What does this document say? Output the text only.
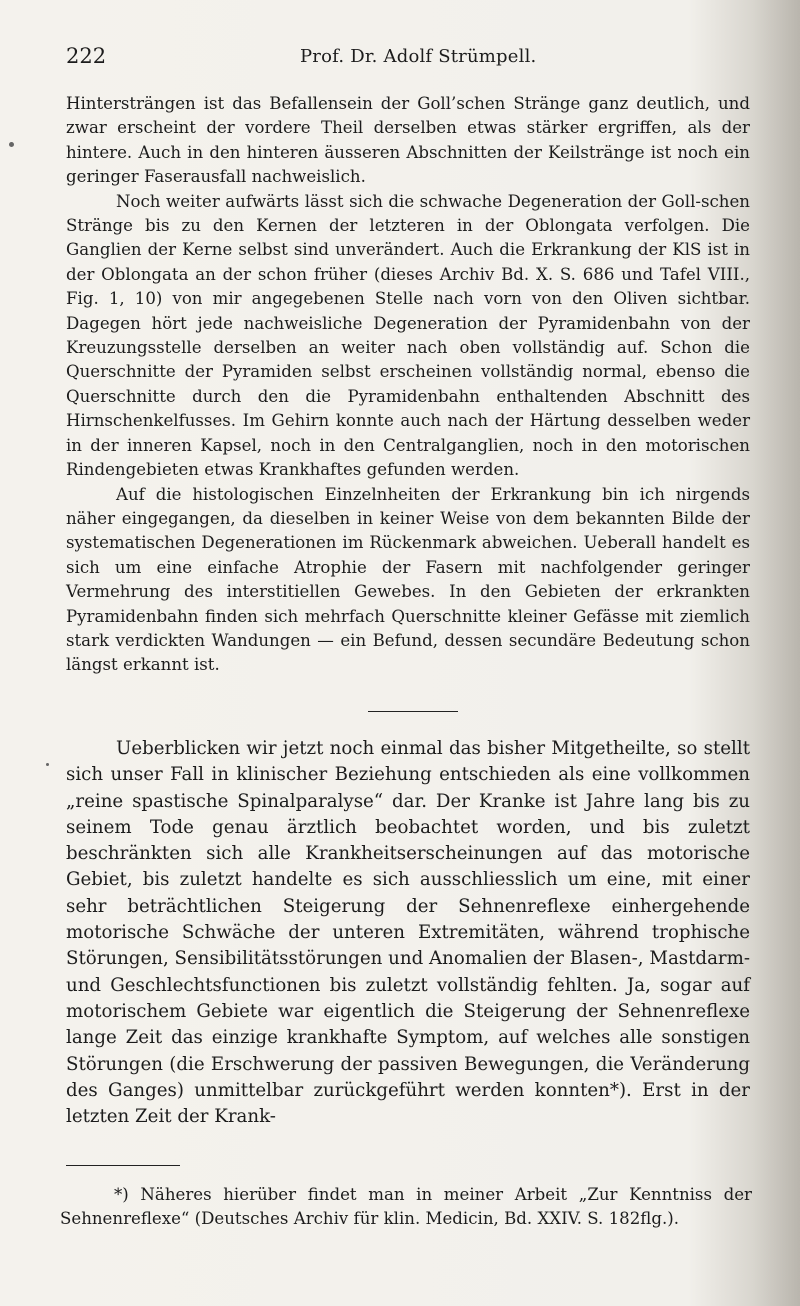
222	Prof. Dr. Adolf Strümpell.

Hintersträngen ist das Befallensein der Goll’schen Stränge ganz deutlich, und zwar erscheint der vordere Theil derselben etwas stärker ergriffen, als der hintere. Auch in den hinteren äusseren Abschnitten der Keilstränge ist noch ein geringer Faserausfall nachweislich.

Noch weiter aufwärts lässt sich die schwache Degeneration der Goll-schen Stränge bis zu den Kernen der letzteren in der Oblongata verfolgen. Die Ganglien der Kerne selbst sind unverändert. Auch die Erkrankung der KlS ist in der Oblongata an der schon früher (dieses Archiv Bd. X. S. 686 und Tafel VIII., Fig. 1, 10) von mir angegebenen Stelle nach vorn von den Oliven sichtbar. Dagegen hört jede nachweisliche Degeneration der Pyramidenbahn von der Kreuzungsstelle derselben an weiter nach oben vollständig auf. Schon die Querschnitte der Pyramiden selbst erscheinen vollständig normal, ebenso die Querschnitte durch den die Pyramidenbahn enthaltenden Abschnitt des Hirnschenkelfusses. Im Gehirn konnte auch nach der Härtung desselben weder in der inneren Kapsel, noch in den Centralganglien, noch in den motorischen Rindengebieten etwas Krankhaftes gefunden werden.

Auf die histologischen Einzelnheiten der Erkrankung bin ich nirgends näher eingegangen, da dieselben in keiner Weise von dem bekannten Bilde der systematischen Degenerationen im Rückenmark abweichen. Ueberall handelt es sich um eine einfache Atrophie der Fasern mit nachfolgender geringer Vermehrung des interstitiellen Gewebes. In den Gebieten der erkrankten Pyramidenbahn finden sich mehrfach Querschnitte kleiner Gefässe mit ziemlich stark verdickten Wandungen — ein Befund, dessen secundäre Bedeutung schon längst erkannt ist.

Ueberblicken wir jetzt noch einmal das bisher Mitgetheilte, so stellt sich unser Fall in klinischer Beziehung entschieden als eine vollkommen „reine spastische Spinalparalyse“ dar. Der Kranke ist Jahre lang bis zu seinem Tode genau ärztlich beobachtet worden, und bis zuletzt beschränkten sich alle Krankheitserscheinungen auf das motorische Gebiet, bis zuletzt handelte es sich ausschliesslich um eine, mit einer sehr beträchtlichen Steigerung der Sehnenreflexe einhergehende motorische Schwäche der unteren Extremitäten, während trophische Störungen, Sensibilitätsstörungen und Anomalien der Blasen-, Mastdarm- und Geschlechtsfunctionen bis zuletzt vollständig fehlten. Ja, sogar auf motorischem Gebiete war eigentlich die Steigerung der Sehnenreflexe lange Zeit das einzige krankhafte Symptom, auf welches alle sonstigen Störungen (die Erschwerung der passiven Bewegungen, die Veränderung des Ganges) unmittelbar zurückgeführt werden konnten*). Erst in der letzten Zeit der Krank-

*) Näheres hierüber findet man in meiner Arbeit „Zur Kenntniss der Sehnenreflexe“ (Deutsches Archiv für klin. Medicin, Bd. XXIV. S. 182flg.).
